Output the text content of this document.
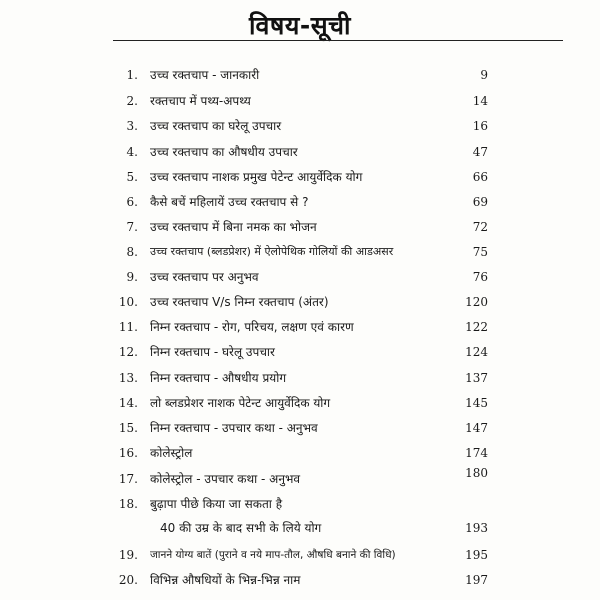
विषय-सूची
1. उच्च रक्तचाप - जानकारी	9
2. रक्तचाप में पथ्य-अपथ्य	14
3. उच्च रक्तचाप का घरेलू उपचार	16
4. उच्च रक्तचाप का औषधीय उपचार	47
5. उच्च रक्तचाप नाशक प्रमुख पेटेन्ट आयुर्वेदिक योग	66
6. कैसे बचें महिलायें उच्च रक्तचाप से ?	69
7. उच्च रक्तचाप में बिना नमक का भोजन	72
8. उच्च रक्तचाप (ब्लडप्रेशर) में ऐलोपेथिक गोलियों की आडअसर	75
9. उच्च रक्तचाप पर अनुभव	76
10. उच्च रक्तचाप V/s निम्न रक्तचाप (अंतर)	120
11. निम्न रक्तचाप - रोग, परिचय, लक्षण एवं कारण	122
12. निम्न रक्तचाप - घरेलू उपचार	124
13. निम्न रक्तचाप - औषधीय प्रयोग	137
14. लो ब्लडप्रेशर नाशक पेटेन्ट आयुर्वेदिक योग	145
15. निम्न रक्तचाप - उपचार कथा - अनुभव	147
16. कोलेस्ट्रोल	174
17. कोलेस्ट्रोल - उपचार कथा - अनुभव	180
18. बुढ़ापा पीछे किया जा सकता है
40 की उम्र के बाद सभी के लिये योग	193
19. जानने योग्य बातें (पुराने व नये माप-तौल, औषधि बनाने की विधि)	195
20. विभिन्न औषधियों के भिन्न-भिन्न नाम	197
